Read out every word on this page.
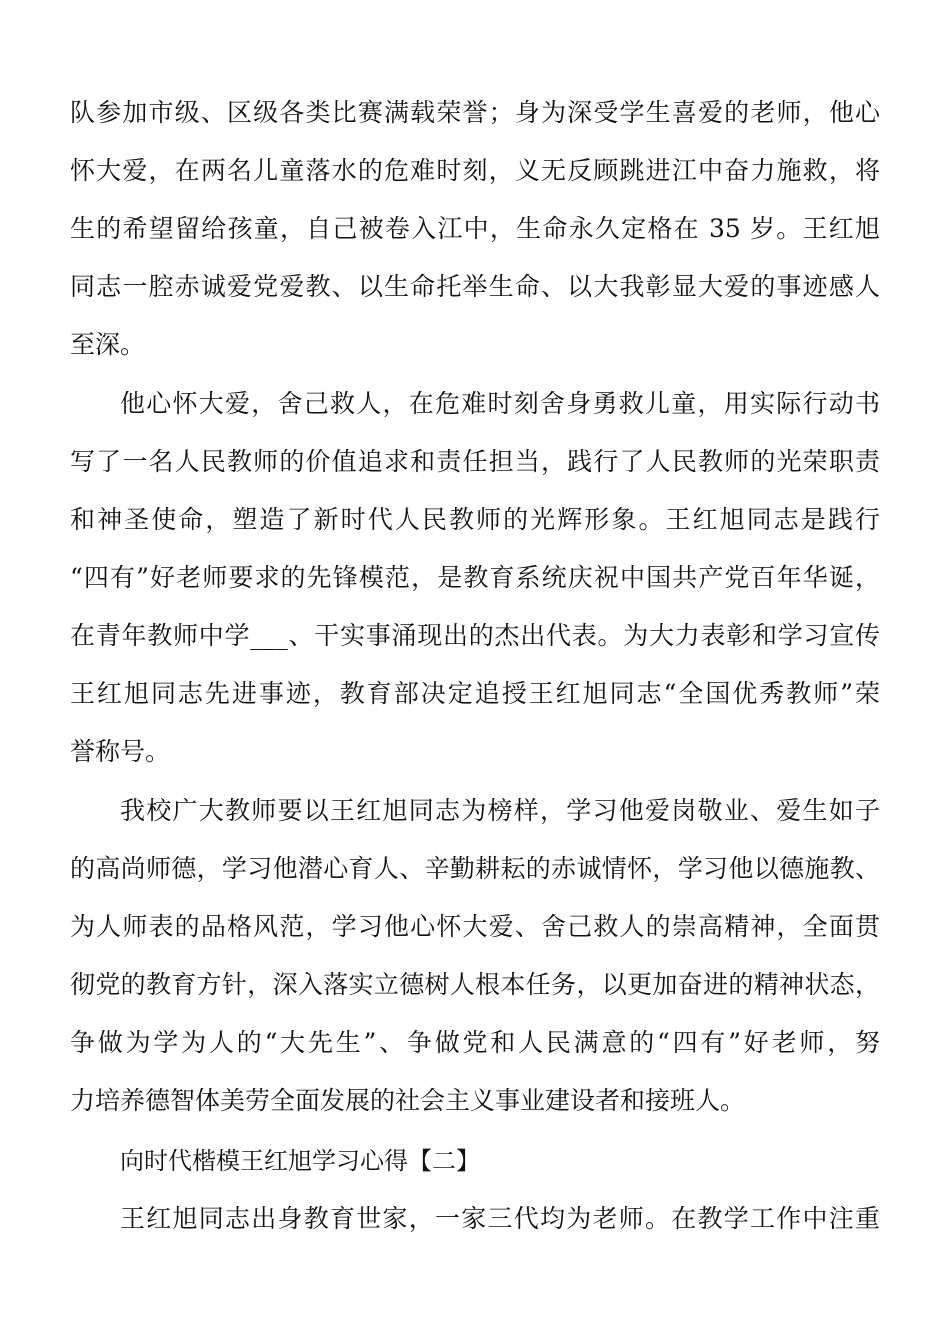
队参加市级、区级各类比赛满载荣誉；身为深受学生喜爱的老师，他心
怀大爱，在两名儿童落水的危难时刻，义无反顾跳进江中奋力施救，将
生的希望留给孩童，自己被卷入江中，生命永久定格在 35 岁。王红旭
同志一腔赤诚爱党爱教、以生命托举生命、以大我彰显大爱的事迹感人
至深。
他心怀大爱，舍己救人，在危难时刻舍身勇救儿童，用实际行动书
写了一名人民教师的价值追求和责任担当，践行了人民教师的光荣职责
和神圣使命，塑造了新时代人民教师的光辉形象。王红旭同志是践行
“四有”好老师要求的先锋模范，是教育系统庆祝中国共产党百年华诞，
在青年教师中学___、干实事涌现出的杰出代表。为大力表彰和学习宣传
王红旭同志先进事迹，教育部决定追授王红旭同志“全国优秀教师”荣
誉称号。
我校广大教师要以王红旭同志为榜样，学习他爱岗敬业、爱生如子
的高尚师德，学习他潜心育人、辛勤耕耘的赤诚情怀，学习他以德施教、
为人师表的品格风范，学习他心怀大爱、舍己救人的崇高精神，全面贯
彻党的教育方针，深入落实立德树人根本任务，以更加奋进的精神状态，
争做为学为人的“大先生”、争做党和人民满意的“四有”好老师，努
力培养德智体美劳全面发展的社会主义事业建设者和接班人。
向时代楷模王红旭学习心得【二】
王红旭同志出身教育世家，一家三代均为老师。在教学工作中注重
